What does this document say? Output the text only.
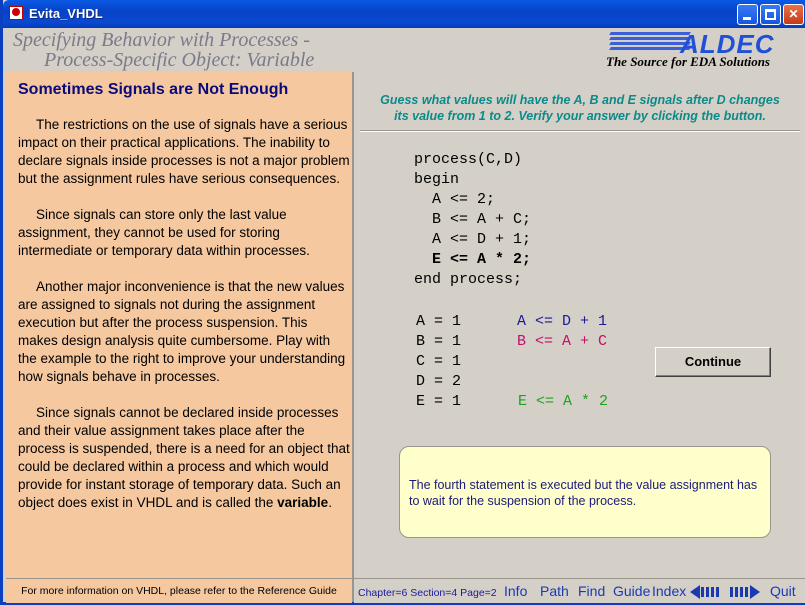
Evita_VHDL	✕
Specifying Behavior with Processes -
Process-Specific Object: Variable
ALDEC
The Source for EDA Solutions
Sometimes Signals are Not Enough

The restrictions on the use of signals have a serious impact on their practical applications. The inability to declare signals inside processes is not a major problem but the assignment rules have serious consequences.

Since signals can store only the last value assignment, they cannot be used for storing intermediate or temporary data within processes.

Another major inconvenience is that the new values are assigned to signals not during the assignment execution but after the process suspension. This makes design analysis quite cumbersome. Play with the example to the right to improve your understanding how signals behave in processes.

Since signals cannot be declared inside processes and their value assignment takes place after the process is suspended, there is a need for an object that could be declared within a process and which would provide for instant storage of temporary data. Such an object does exist in VHDL and is called the variable.

For more information on VHDL, please refer to the Reference Guide
Guess what values will have the A, B and E signals after D changes
its value from 1 to 2. Verify your answer by clicking the button.
process(C,D)
begin
A <= 2;
B <= A + C;
A <= D + 1;
E <= A * 2;
end process;
A = 1
B = 1
C = 1
D = 2
E = 1
A <= D + 1
B <= A + C
E <= A * 2
Continue
The fourth statement is executed but the value assignment has to wait for the suspension of the process.
Chapter=6 Section=4 Page=2 Info Path Find Guide Index	Quit
